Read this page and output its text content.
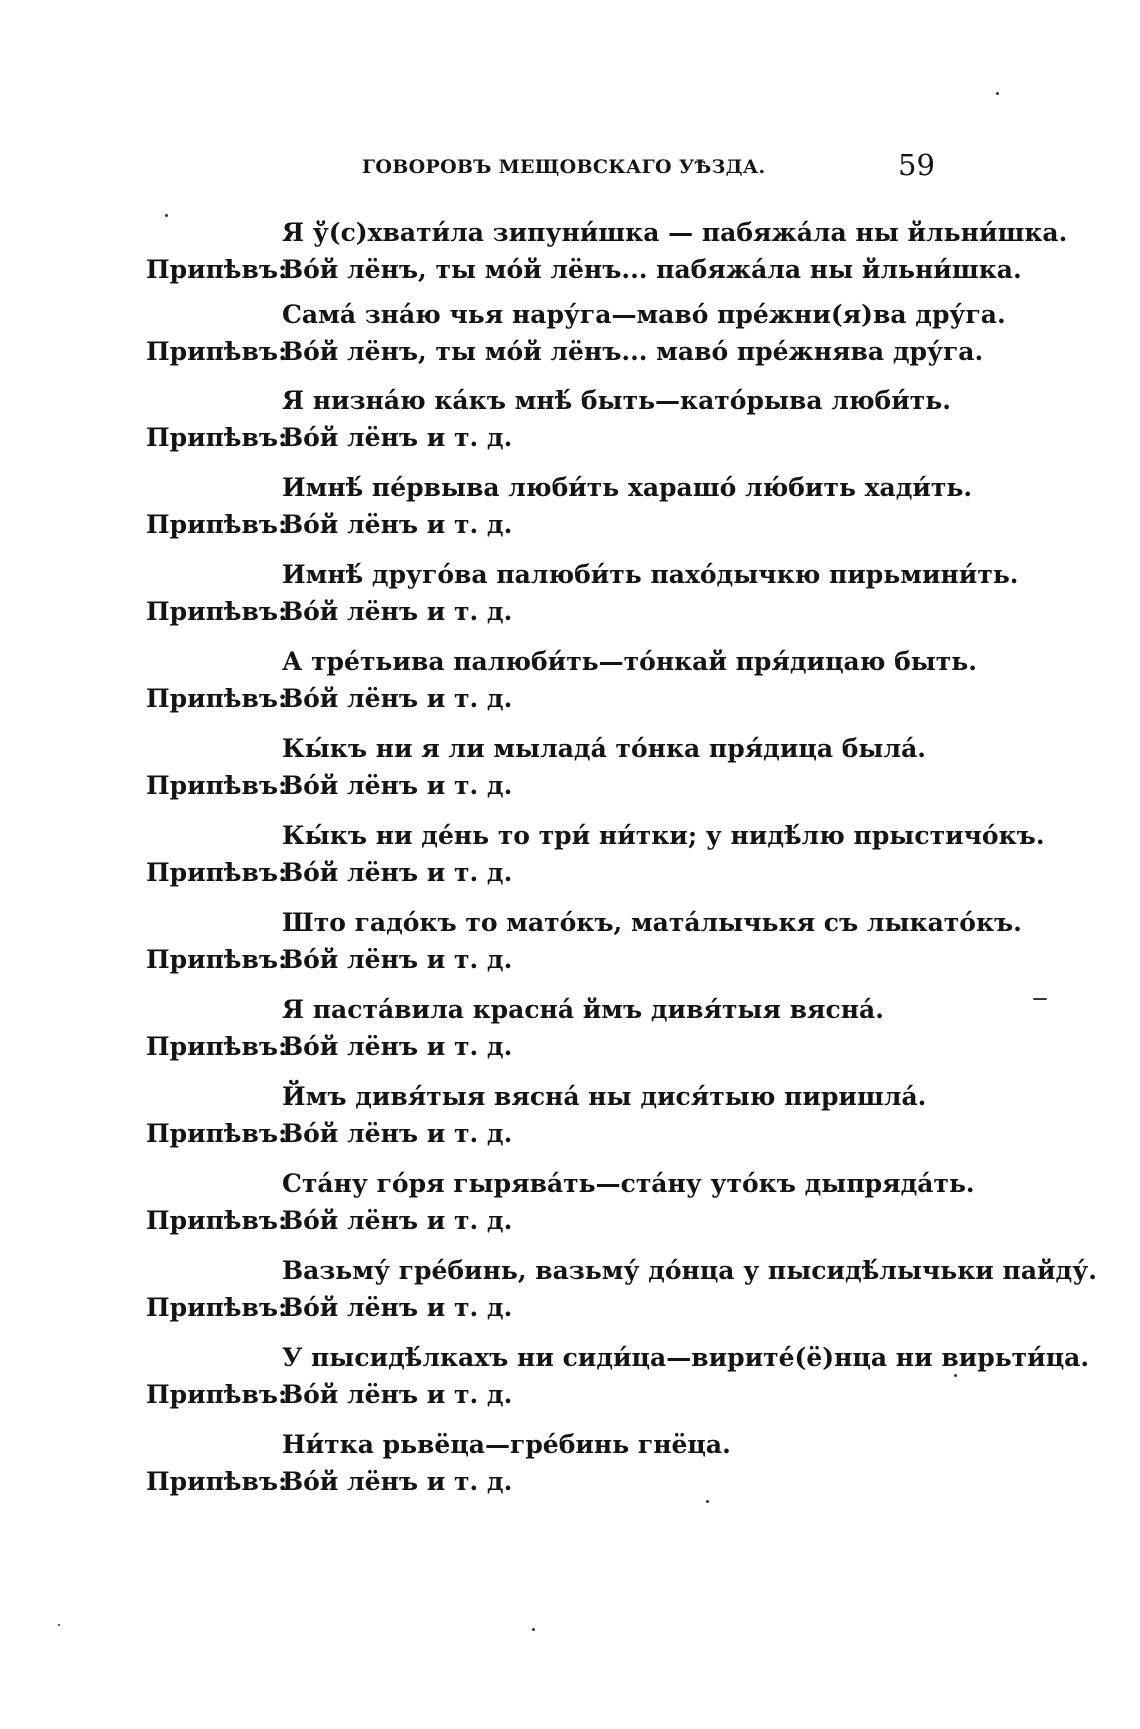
ГОВОРОВЪ МЕЩОВСКАГО УѢЗДА.	59
Я ў(с)хвати́ла зипуни́шка — пабяжа́ла ны йльни́шка.
Припѣвъ:
Во́й лёнъ, ты мо́й лёнъ... пабяжа́ла ны йльни́шка.
Сама́ зна́ю чья нару́га—маво́ пре́жни(я)ва дру́га.
Припѣвъ:
Во́й лёнъ, ты мо́й лёнъ... маво́ пре́жнява дру́га.
Я низна́ю ка́къ мнѣ́ быть—като́рыва люби́ть.
Припѣвъ:
Во́й лёнъ и т. д.
Имнѣ́ пе́рвыва люби́ть харашо́ лю́бить хади́ть.
Припѣвъ:
Во́й лёнъ и т. д.
Имнѣ́ друго́ва палюби́ть пахо́дычкю пирьмини́ть.
Припѣвъ:
Во́й лёнъ и т. д.
А тре́тьива палюби́ть—то́нкай пря́дицаю быть.
Припѣвъ:
Во́й лёнъ и т. д.
Кы́къ ни я ли мылада́ то́нка пря́дица была́.
Припѣвъ:
Во́й лёнъ и т. д.
Кы́къ ни де́нь то три́ ни́тки; у нидѣ́лю прыстичо́къ.
Припѣвъ:
Во́й лёнъ и т. д.
Што гадо́къ то мато́къ, мата́лычькя съ лыкато́къ.
Припѣвъ:
Во́й лёнъ и т. д.
Я паста́вила красна́ ймъ дивя́тыя вясна́.
Припѣвъ:
Во́й лёнъ и т. д.
Ймъ дивя́тыя вясна́ ны дися́тыю пиришла́.
Припѣвъ:
Во́й лёнъ и т. д.
Ста́ну го́ря гырява́ть—ста́ну уто́къ дыпряда́ть.
Припѣвъ:
Во́й лёнъ и т. д.
Вазьму́ гре́бинь, вазьму́ до́нца у пысидѣ́лычьки пайду́.
Припѣвъ:
Во́й лёнъ и т. д.
У пысидѣ́лкахъ ни сиди́ца—вирите́(ё)нца ни вирьти́ца.
Припѣвъ:
Во́й лёнъ и т. д.
Ни́тка рьвёца—гре́бинь гнёца.
Припѣвъ:
Во́й лёнъ и т. д.
